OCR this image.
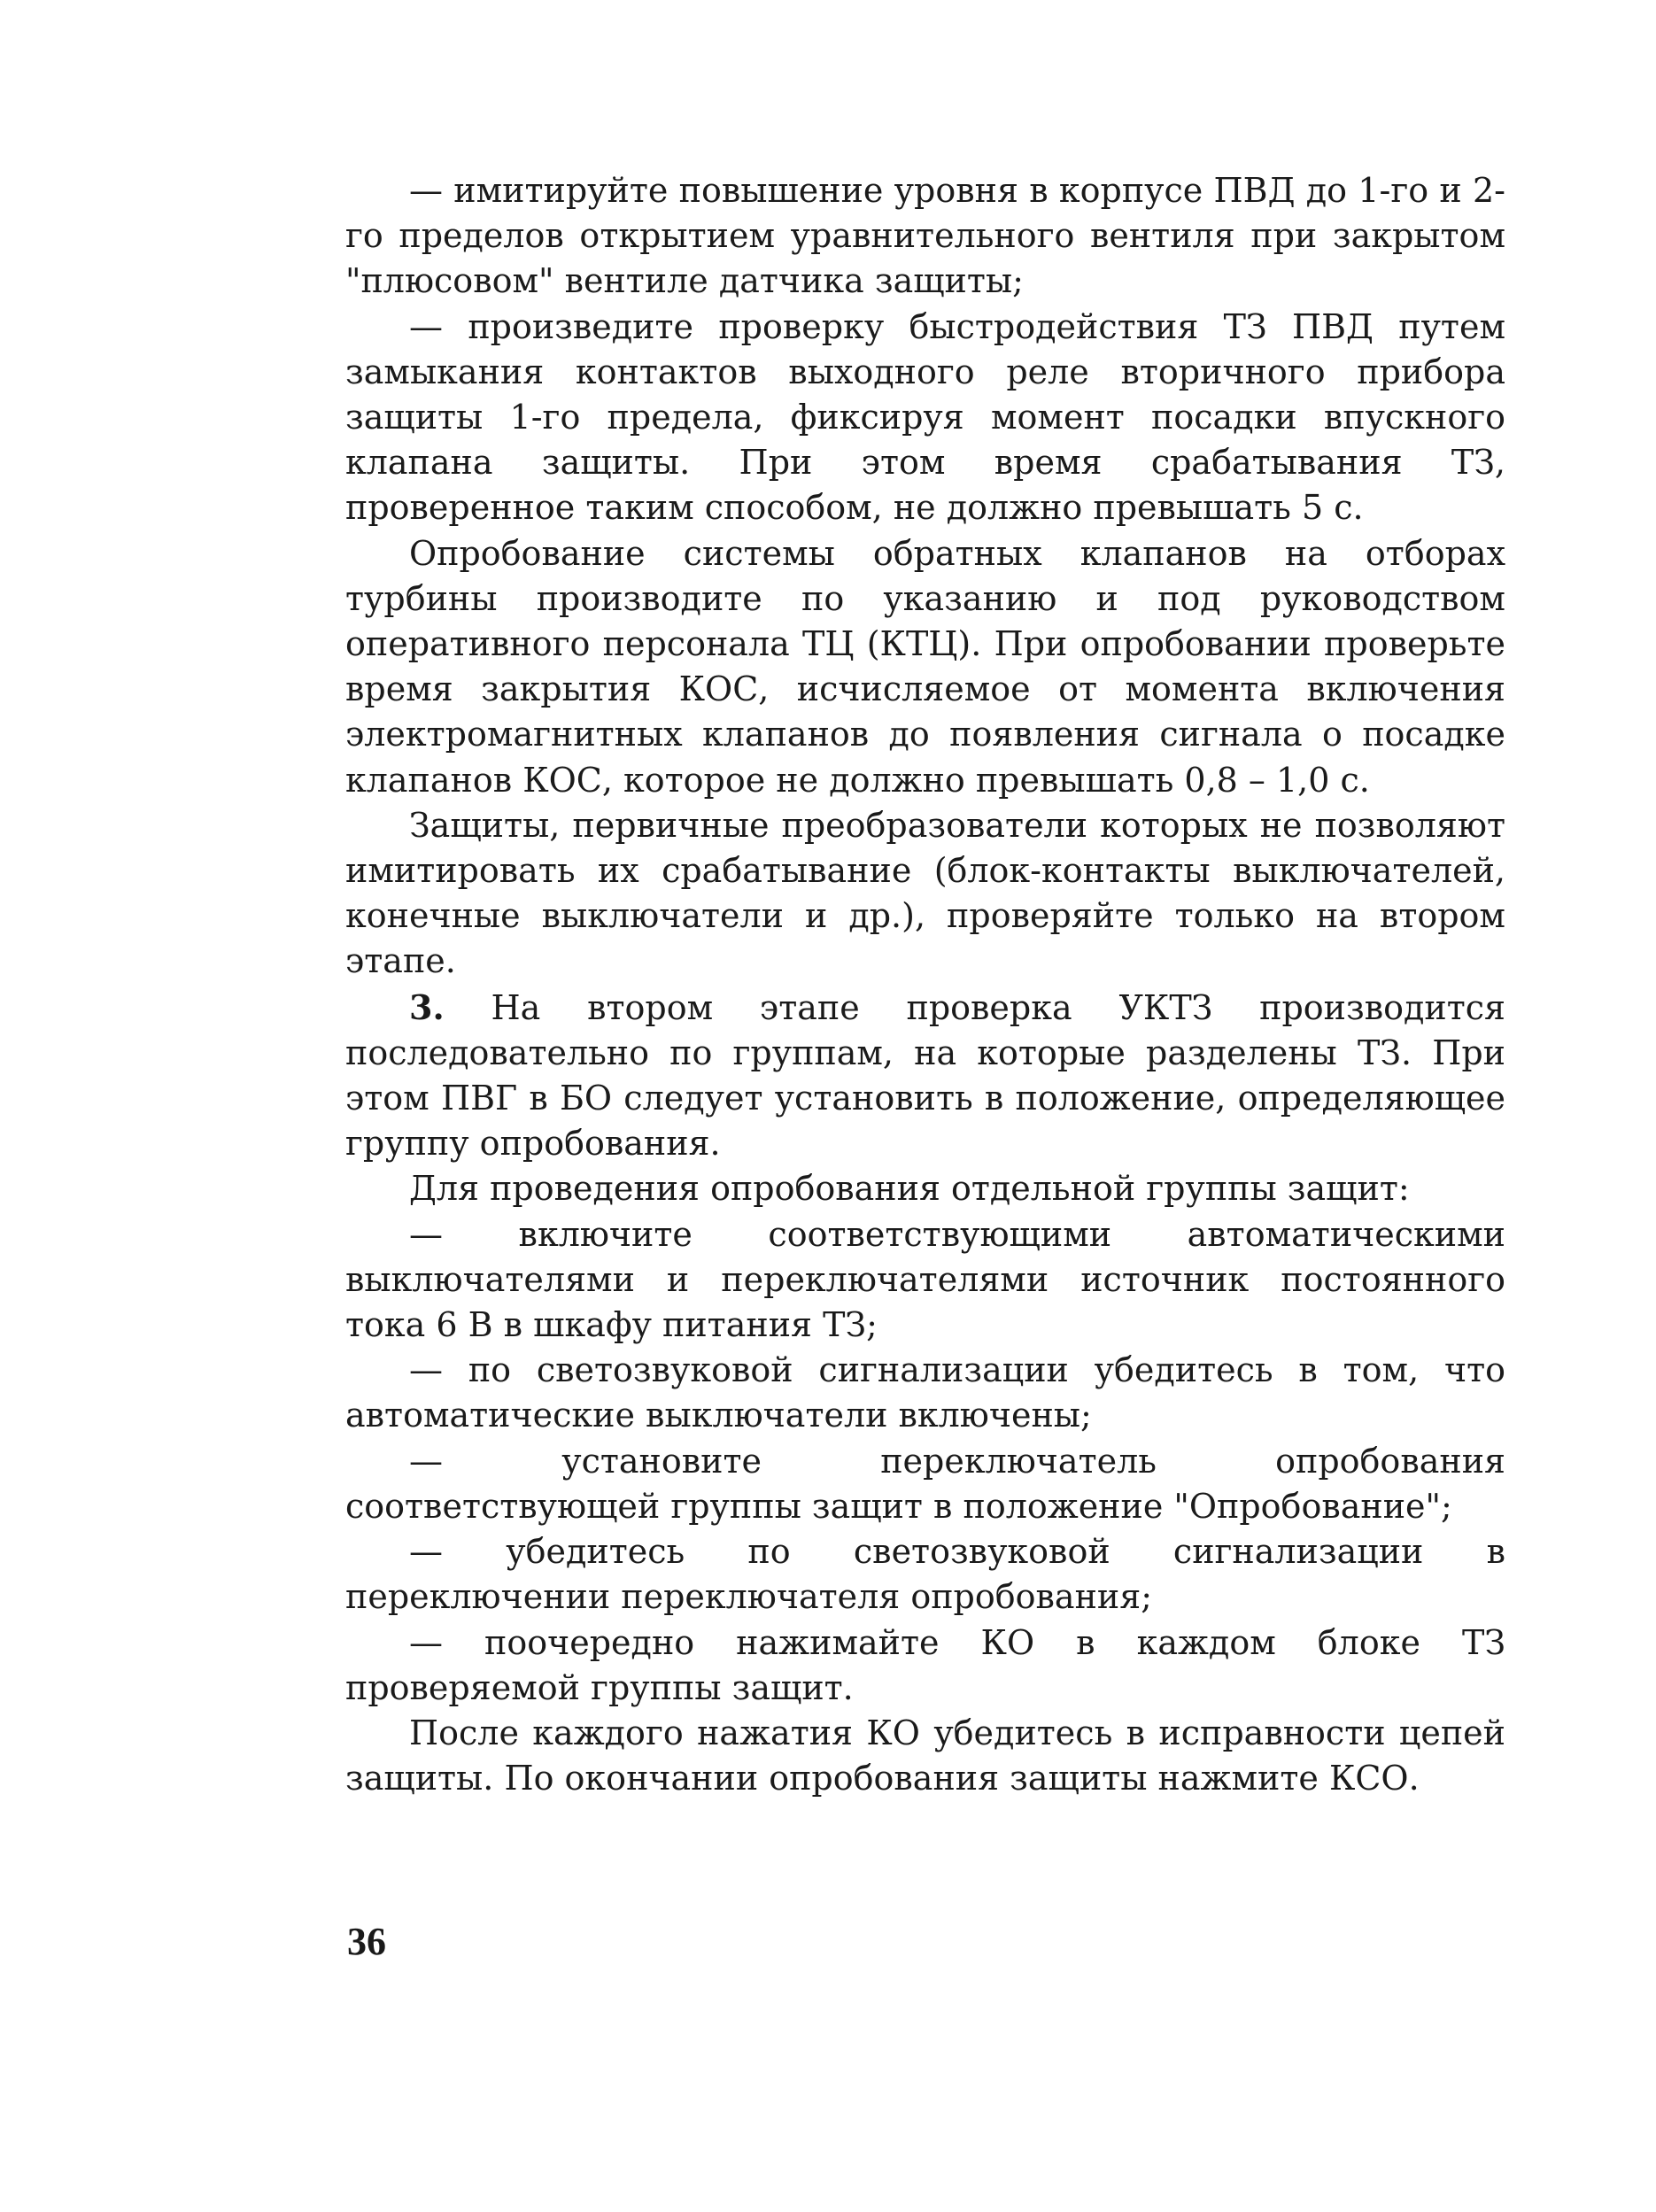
— имитируйте повышение уровня в корпусе ПВД до 1-го и 2-го пределов открытием уравнительного вентиля при закрытом "плюсовом" вентиле датчика защиты;

— произведите проверку быстродействия ТЗ ПВД путем замыкания контактов выходного реле вторичного прибора защиты 1-го предела, фиксируя момент посадки впускного клапана защиты. При этом время срабатывания ТЗ, проверенное таким способом, не должно превышать 5 с.

Опробование системы обратных клапанов на отборах турбины производите по указанию и под руководством оперативного персонала ТЦ (КТЦ). При опробовании проверьте время закрытия КОС, исчисляемое от момента включения электромагнитных клапанов до появления сигнала о посадке клапанов КОС, которое не должно превышать 0,8 – 1,0 с.

Защиты, первичные преобразователи которых не позволяют имитировать их срабатывание (блок-контакты выключателей, конечные выключатели и др.), проверяйте только на втором этапе.

3. На втором этапе проверка УКТЗ производится последовательно по группам, на которые разделены ТЗ. При этом ПВГ в БО следует установить в положение, определяющее группу опробования.

Для проведения опробования отдельной группы защит:

— включите соответствующими автоматическими выключателями и переключателями источник постоянного тока 6 В в шкафу питания ТЗ;

— по светозвуковой сигнализации убедитесь в том, что автоматические выключатели включены;

— установите переключатель опробования соответствующей группы защит в положение "Опробование";

— убедитесь по светозвуковой сигнализации в переключении переключателя опробования;

— поочередно нажимайте КО в каждом блоке ТЗ проверяемой группы защит.

После каждого нажатия КО убедитесь в исправности цепей защиты. По окончании опробования защиты нажмите КСО.

36
